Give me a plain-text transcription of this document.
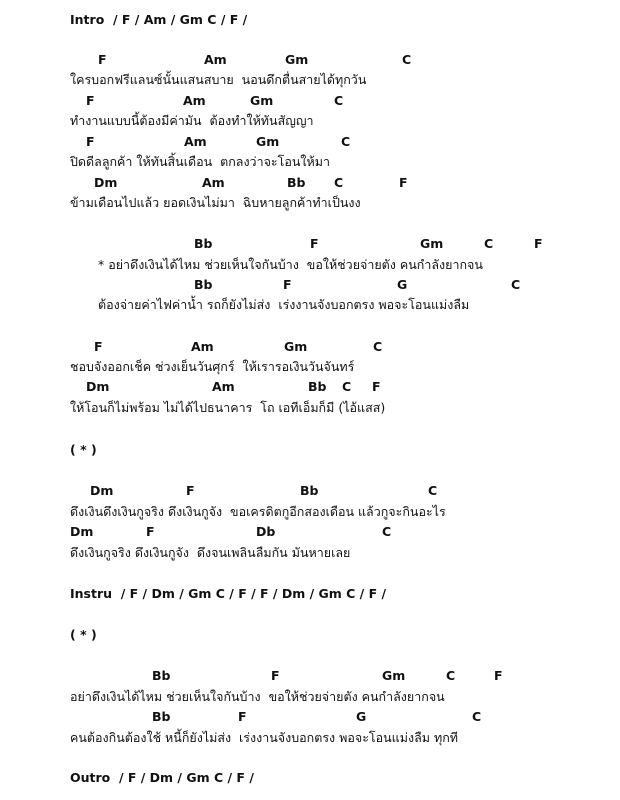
Intro  / F / Am / Gm C / F /
F	Am	Gm	C
ใครบอกฟรีแลนซ์นั้นแสนสบาย  นอนดึกตื่นสายได้ทุกวัน
F	Am	Gm	C
ทำงานแบบนี้ต้องมีค่ามัน  ต้องทำให้ทันสัญญา
F	Am	Gm	C
ปิดดีลลูกค้า ให้ทันสิ้นเดือน  ตกลงว่าจะโอนให้มา
Dm	Am	Bb C	F
ข้ามเดือนไปแล้ว ยอดเงินไม่มา  ฉิบหายลูกค้าทำเป็นงง
Bb	F	Gm	C	F
* อย่าดึงเงินได้ไหม ช่วยเห็นใจกันบ้าง  ขอให้ช่วยจ่ายตัง คนกำลังยากจน
Bb	F	G	C
ต้องจ่ายค่าไฟค่าน้ำ รถก็ยังไม่ส่ง  เร่งงานจังบอกตรง พอจะโอนแม่งลืม
F	Am	Gm	C
ชอบจังออกเช็ค ช่วงเย็นวันศุกร์  ให้เรารอเงินวันจันทร์
Dm	Am	Bb C F
ให้โอนก็ไม่พร้อม ไม่ได้ไปธนาคาร  โถ เอทีเอ็มก็มี (ไอ้แสส)
( * )
Dm	F	Bb	C
ดึงเงินดึงเงินกูจริง ดึงเงินกูจัง  ขอเครดิตกูอีกสองเดือน แล้วกูจะกินอะไร
Dm	F	Db	C
ดึงเงินกูจริง ดึงเงินกูจัง  ดึงจนเพลินลืมกัน มันหายเลย
Instru  / F / Dm / Gm C / F / F / Dm / Gm C / F /
( * )
Bb	F	Gm	C	F
อย่าดึงเงินได้ไหม ช่วยเห็นใจกันบ้าง  ขอให้ช่วยจ่ายตัง คนกำลังยากจน
Bb	F	G	C
คนต้องกินต้องใช้ หนี้ก็ยังไม่ส่ง  เร่งงานจังบอกตรง พอจะโอนแม่งลืม ทุกที
Outro  / F / Dm / Gm C / F /
